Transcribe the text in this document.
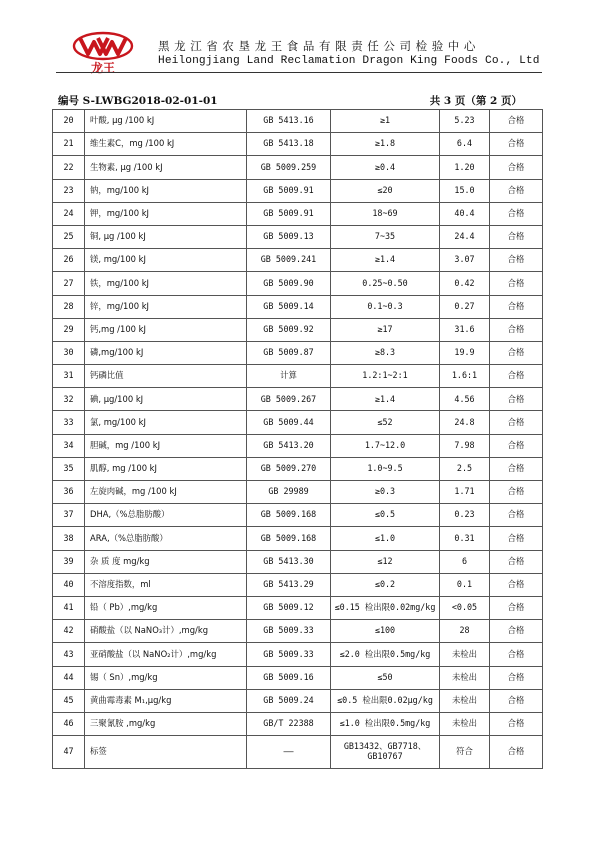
龙王
黑龙江省农垦龙王食品有限责任公司检验中心
Heilongjiang Land Reclamation Dragon King Foods Co., Ltd
编号 S-LWBG2018-02-01-01	共 3 页（第 2 页）
20	叶酸, μg /100 kJ	GB 5413.16	≥1	5.23	合格
21	维生素C，mg /100 kJ	GB 5413.18	≥1.8	6.4	合格
22	生物素, μg /100 kJ	GB 5009.259	≥0.4	1.20	合格
23	钠，mg/100 kJ	GB 5009.91	≤20	15.0	合格
24	钾，mg/100 kJ	GB 5009.91	18~69	40.4	合格
25	铜, μg /100 kJ	GB 5009.13	7~35	24.4	合格
26	镁, mg/100 kJ	GB 5009.241	≥1.4	3.07	合格
27	铁，mg/100 kJ	GB 5009.90	0.25~0.50	0.42	合格
28	锌，mg/100 kJ	GB 5009.14	0.1~0.3	0.27	合格
29	钙,mg /100 kJ	GB 5009.92	≥17	31.6	合格
30	磷,mg/100 kJ	GB 5009.87	≥8.3	19.9	合格
31	钙磷比值	计算	1.2:1~2:1	1.6:1	合格
32	碘, μg/100 kJ	GB 5009.267	≥1.4	4.56	合格
33	氯, mg/100 kJ	GB 5009.44	≤52	24.8	合格
34	胆碱，mg /100 kJ	GB 5413.20	1.7~12.0	7.98	合格
35	肌醇, mg /100 kJ	GB 5009.270	1.0~9.5	2.5	合格
36	左旋肉碱，mg /100 kJ	GB 29989	≥0.3	1.71	合格
37	DHA,（%总脂肪酸）	GB 5009.168	≤0.5	0.23	合格
38	ARA,（%总脂肪酸）	GB 5009.168	≤1.0	0.31	合格
39	杂 质 度 mg/kg	GB 5413.30	≤12	6	合格
40	不溶度指数，ml	GB 5413.29	≤0.2	0.1	合格
41	铅（ Pb）,mg/kg	GB 5009.12	≤0.15 检出限0.02mg/kg	<0.05	合格
42	硝酸盐（以 NaNO₃计）,mg/kg	GB 5009.33	≤100	28	合格
43	亚硝酸盐（以 NaNO₂计）,mg/kg	GB 5009.33	≤2.0 检出限0.5mg/kg	未检出	合格
44	锡（ Sn）,mg/kg	GB 5009.16	≤50	未检出	合格
45	黄曲霉毒素 M₁,μg/kg	GB 5009.24	≤0.5 检出限0.02μg/kg	未检出	合格
46	三聚氰胺 ,mg/kg	GB/T 22388	≤1.0 检出限0.5mg/kg	未检出	合格
47	标签	——	GB13432、GB7718、GB10767	符合	合格
